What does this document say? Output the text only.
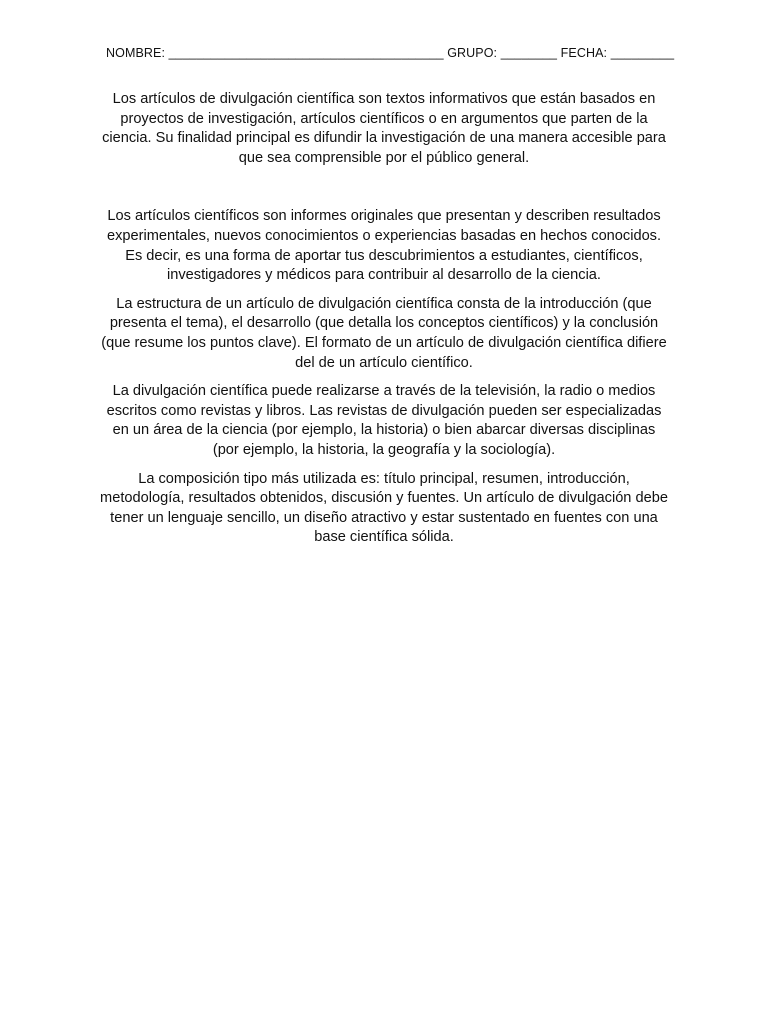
NOMBRE: _______________________________________ GRUPO: ________ FECHA: _________

Los artículos de divulgación científica son textos informativos que están basados en proyectos de investigación, artículos científicos o en argumentos que parten de la ciencia. Su finalidad principal es difundir la investigación de una manera accesible para que sea comprensible por el público general.

Los artículos científicos son informes originales que presentan y describen resultados experimentales, nuevos conocimientos o experiencias basadas en hechos conocidos. Es decir, es una forma de aportar tus descubrimientos a estudiantes, científicos, investigadores y médicos para contribuir al desarrollo de la ciencia.

La estructura de un artículo de divulgación científica consta de la introducción (que presenta el tema), el desarrollo (que detalla los conceptos científicos) y la conclusión (que resume los puntos clave). El formato de un artículo de divulgación científica difiere del de un artículo científico.

La divulgación científica puede realizarse a través de la televisión, la radio o medios escritos como revistas y libros. Las revistas de divulgación pueden ser especializadas en un área de la ciencia (por ejemplo, la historia) o bien abarcar diversas disciplinas (por ejemplo, la historia, la geografía y la sociología).

La composición tipo más utilizada es: título principal, resumen, introducción, metodología, resultados obtenidos, discusión y fuentes. Un artículo de divulgación debe tener un lenguaje sencillo, un diseño atractivo y estar sustentado en fuentes con una base científica sólida.
